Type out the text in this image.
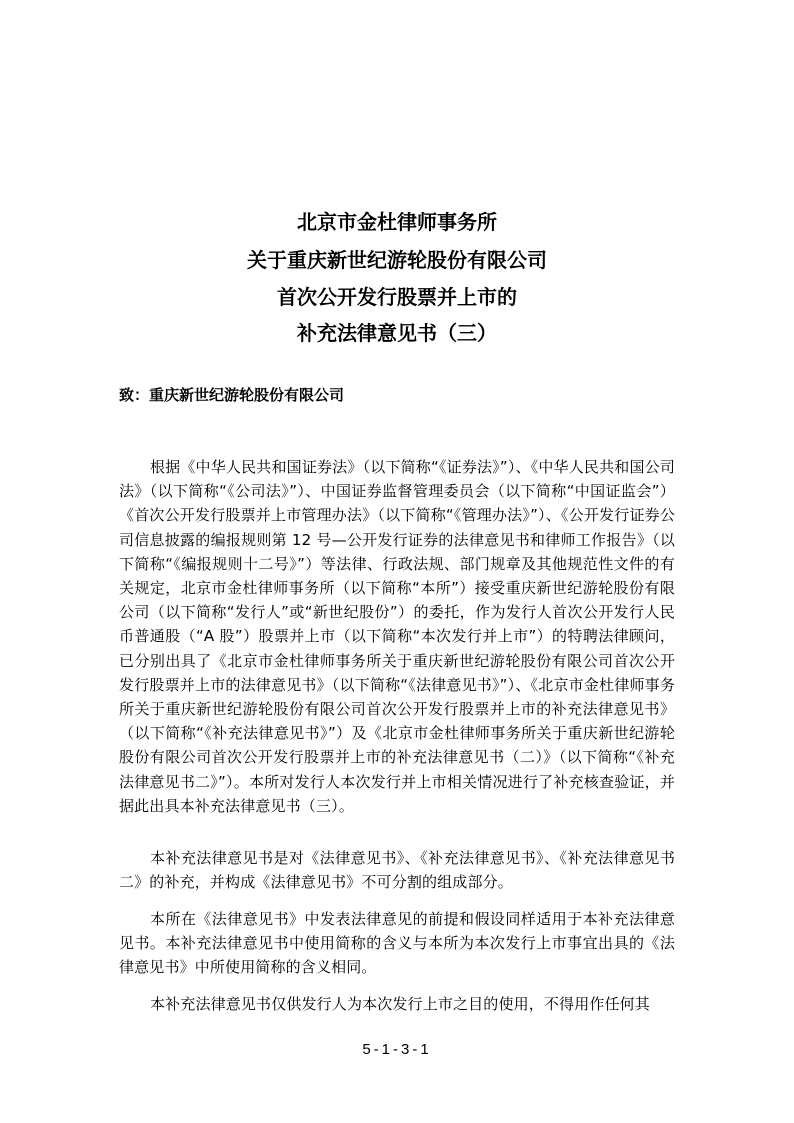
北京市金杜律师事务所
关于重庆新世纪游轮股份有限公司
首次公开发行股票并上市的
补充法律意见书（三）
致：重庆新世纪游轮股份有限公司
根据《中华人民共和国证券法》（以下简称“《证券法》”）、《中华人民共和国公司法》（以下简称“《公司法》”）、中国证券监督管理委员会（以下简称“中国证监会”）《首次公开发行股票并上市管理办法》（以下简称“《管理办法》”）、《公开发行证券公司信息披露的编报规则第 12 号—公开发行证券的法律意见书和律师工作报告》（以下简称“《编报规则十二号》”）等法律、行政法规、部门规章及其他规范性文件的有关规定，北京市金杜律师事务所（以下简称“本所”）接受重庆新世纪游轮股份有限公司（以下简称“发行人”或“新世纪股份”）的委托，作为发行人首次公开发行人民币普通股（“A 股”）股票并上市（以下简称“本次发行并上市”）的特聘法律顾问，已分别出具了《北京市金杜律师事务所关于重庆新世纪游轮股份有限公司首次公开发行股票并上市的法律意见书》（以下简称“《法律意见书》”）、《北京市金杜律师事务所关于重庆新世纪游轮股份有限公司首次公开发行股票并上市的补充法律意见书》（以下简称“《补充法律意见书》”）及《北京市金杜律师事务所关于重庆新世纪游轮股份有限公司首次公开发行股票并上市的补充法律意见书（二）》（以下简称“《补充法律意见书二》”）。本所对发行人本次发行并上市相关情况进行了补充核查验证，并据此出具本补充法律意见书（三）。
本补充法律意见书是对《法律意见书》、《补充法律意见书》、《补充法律意见书二》的补充，并构成《法律意见书》不可分割的组成部分。
本所在《法律意见书》中发表法律意见的前提和假设同样适用于本补充法律意见书。本补充法律意见书中使用简称的含义与本所为本次发行上市事宜出具的《法律意见书》中所使用简称的含义相同。
本补充法律意见书仅供发行人为本次发行上市之目的使用，不得用作任何其
5-1-3-1
